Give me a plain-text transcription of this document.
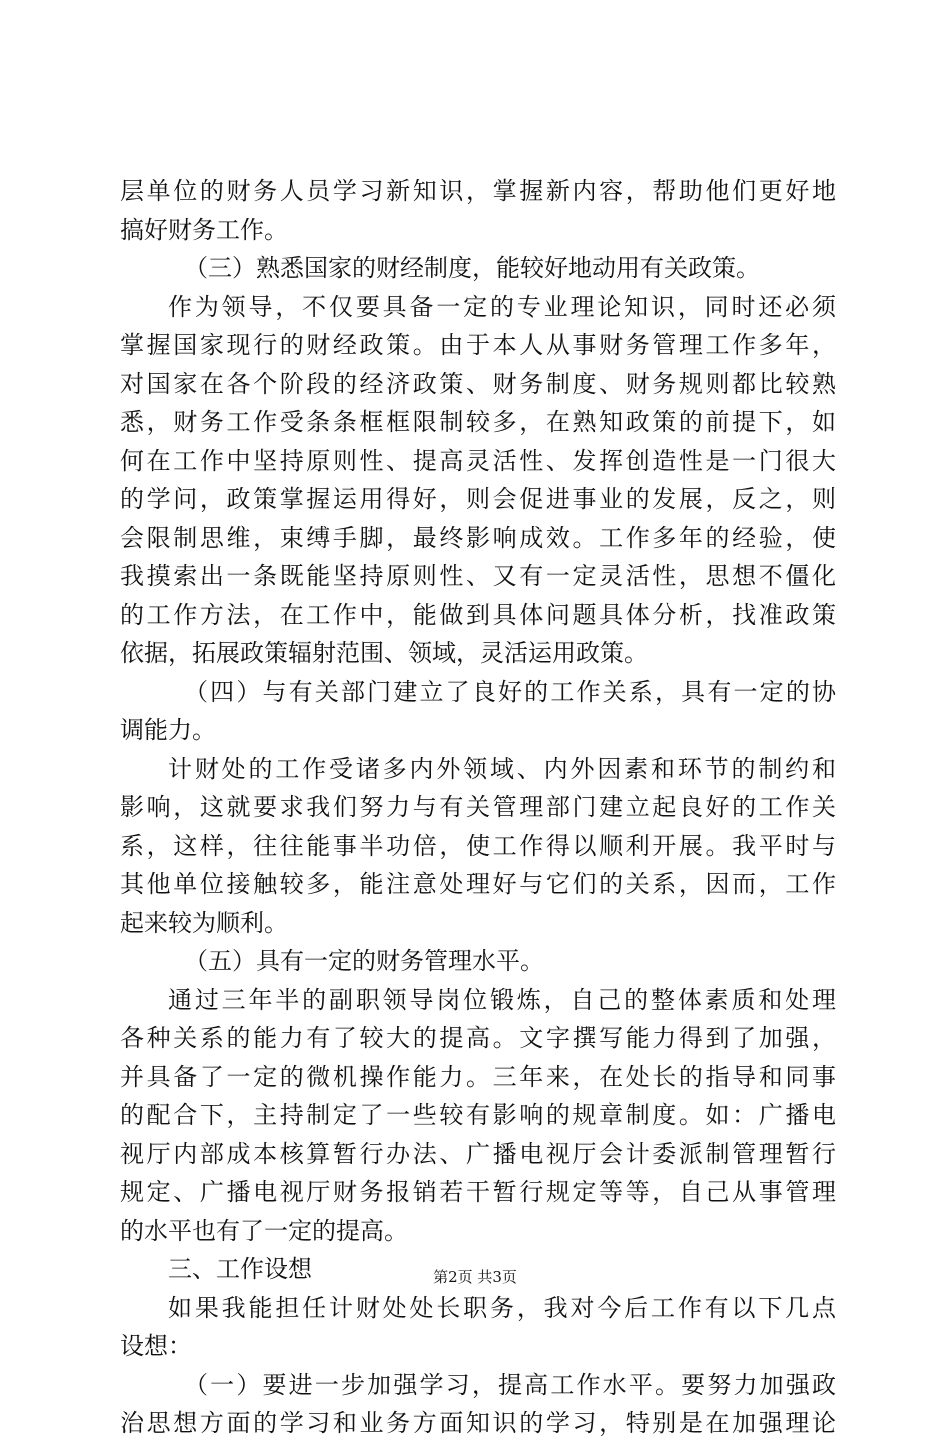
层单位的财务人员学习新知识，掌握新内容，帮助他们更好地
搞好财务工作。
（三）熟悉国家的财经制度，能较好地动用有关政策。
作为领导，不仅要具备一定的专业理论知识，同时还必须
掌握国家现行的财经政策。由于本人从事财务管理工作多年，
对国家在各个阶段的经济政策、财务制度、财务规则都比较熟
悉，财务工作受条条框框限制较多，在熟知政策的前提下，如
何在工作中坚持原则性、提高灵活性、发挥创造性是一门很大
的学问，政策掌握运用得好，则会促进事业的发展，反之，则
会限制思维，束缚手脚，最终影响成效。工作多年的经验，使
我摸索出一条既能坚持原则性、又有一定灵活性，思想不僵化
的工作方法，在工作中，能做到具体问题具体分析，找准政策
依据，拓展政策辐射范围、领域，灵活运用政策。
（四）与有关部门建立了良好的工作关系，具有一定的协
调能力。
计财处的工作受诸多内外领域、内外因素和环节的制约和
影响，这就要求我们努力与有关管理部门建立起良好的工作关
系，这样，往往能事半功倍，使工作得以顺利开展。我平时与
其他单位接触较多，能注意处理好与它们的关系，因而，工作
起来较为顺利。
（五）具有一定的财务管理水平。
通过三年半的副职领导岗位锻炼，自己的整体素质和处理
各种关系的能力有了较大的提高。文字撰写能力得到了加强，
并具备了一定的微机操作能力。三年来，在处长的指导和同事
的配合下，主持制定了一些较有影响的规章制度。如：广播电
视厅内部成本核算暂行办法、广播电视厅会计委派制管理暂行
规定、广播电视厅财务报销若干暂行规定等等，自己从事管理
的水平也有了一定的提高。
三、工作设想
如果我能担任计财处处长职务，我对今后工作有以下几点
设想：
（一）要进一步加强学习，提高工作水平。要努力加强政
治思想方面的学习和业务方面知识的学习，特别是在加强理论
第2页 共3页
